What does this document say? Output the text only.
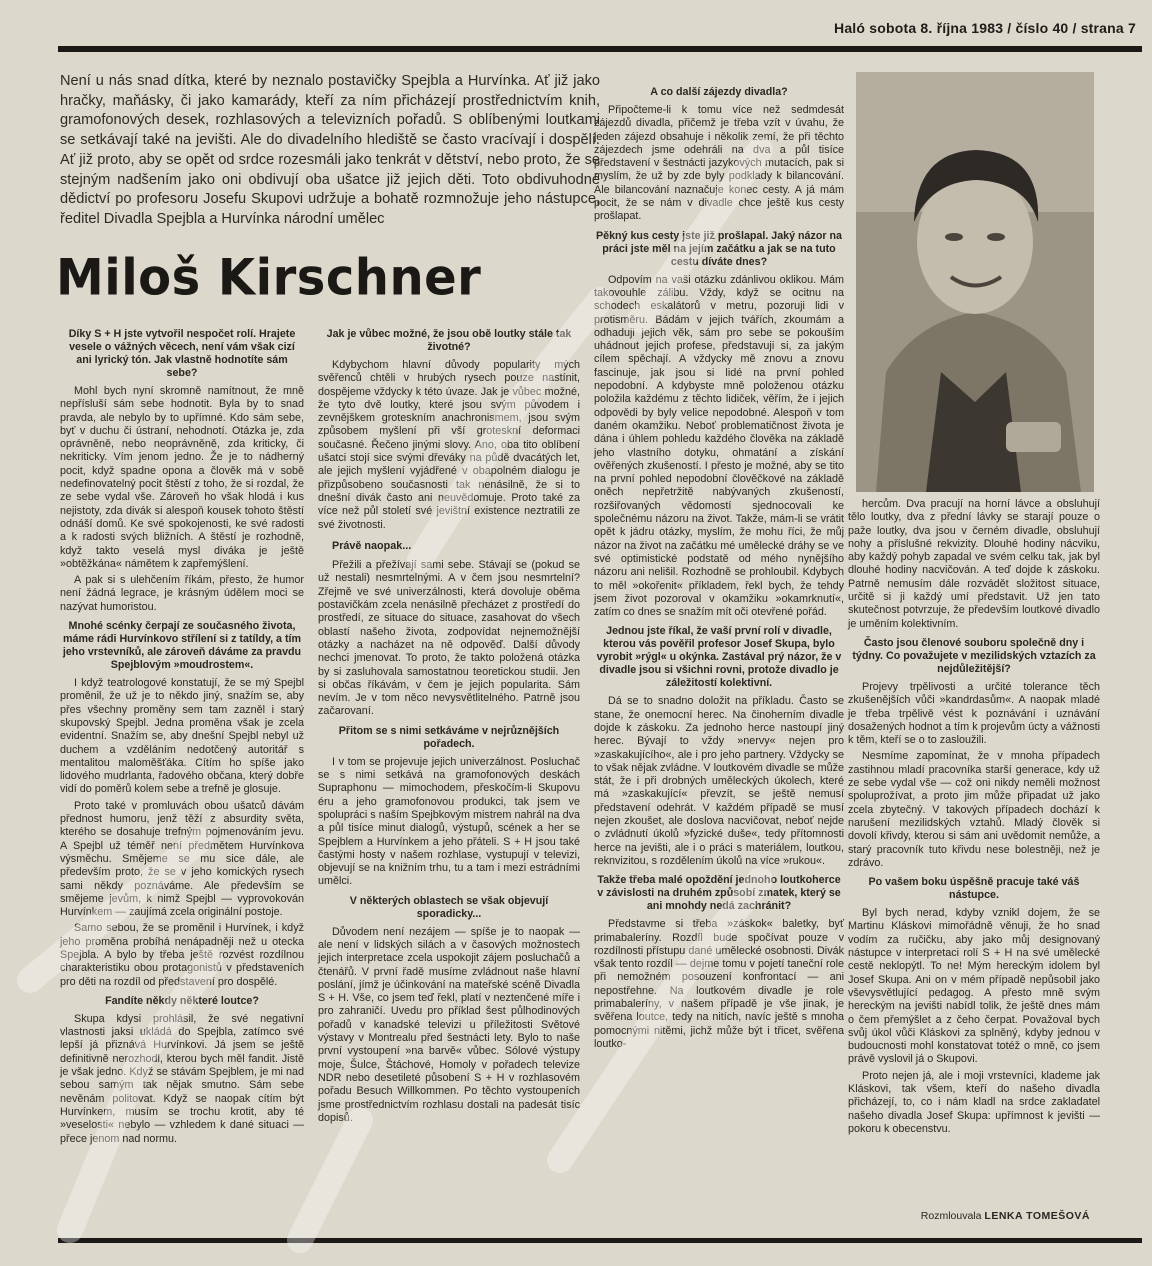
Haló sobota 8. října 1983 / číslo 40 / strana 7
Není u nás snad dítka, které by neznalo postavičky Spejbla a Hurvínka. Ať již jako hračky, maňásky, či jako kamarády, kteří za ním přicházejí prostřednictvím knih, gramofonových desek, rozhlasových a televizních pořadů. S oblíbenými loutkami se setkávají také na jevišti. Ale do divadelního hlediště se často vracívají i dospělí. Ať již proto, aby se opět od srdce rozesmáli jako tenkrát v dětství, nebo proto, že se stejným nadšením jako oni obdivují oba ušatce již jejich děti. Toto obdivuhodné dědictví po profesoru Josefu Skupovi udržuje a bohatě rozmnožuje jeho nástupce, ředitel Divadla Spejbla a Hurvínka národní umělec
Miloš Kirschner

Díky S + H jste vytvořil nespočet rolí. Hrajete vesele o vážných věcech, není vám však cizí ani lyrický tón. Jak vlastně hodnotíte sám sebe?

Mohl bych nyní skromně namítnout, že mně nepřísluší sám sebe hodnotit. Byla by to snad pravda, ale nebylo by to upřímné. Kdo sám sebe, byť v duchu či ústraní, nehodnotí. Otázka je, zda oprávněně, nebo neoprávněně, zda kriticky, či nekriticky. Vím jenom jedno. Že je to nádherný pocit, když spadne opona a člověk má v sobě nedefinovatelný pocit štěstí z toho, že si rozdal, že ze sebe vydal vše. Zároveň ho však hlodá i kus nejistoty, zda divák si alespoň kousek tohoto štěstí odnáší domů. Ke své spokojenosti, ke své radosti a k radosti svých bližních. A štěstí je rozhodně, když takto veselá mysl diváka je ještě »obtěžkána« námětem k zapřemýšlení.

A pak si s ulehčením říkám, přesto, že humor není žádná legrace, je krásným údělem moci se nazývat humoristou.

Mnohé scénky čerpají ze současného života, máme rádi Hurvínkovo střílení si z tatíldy, a tím jeho vrstevníků, ale zároveň dáváme za pravdu Spejblovým »moudrostem«.

I když teatrologové konstatují, že se mý Spejbl proměnil, že už je to někdo jiný, snažím se, aby přes všechny proměny sem tam zazněl i starý skupovský Spejbl. Jedna proměna však je zcela evidentní. Snažím se, aby dnešní Spejbl nebyl už duchem a vzděláním nedotčený autoritář s mentalitou maloměšťáka. Cítím ho spíše jako lidového mudrlanta, řadového občana, který dobře vidí do poměrů kolem sebe a trefně je glosuje.

Proto také v promluvách obou ušatců dávám přednost humoru, jenž těží z absurdity světa, kterého se dosahuje trefným pojmenováním jevu. A Spejbl už téměř není předmětem Hurvínkova výsměchu. Smějeme se mu sice dále, ale především proto, že se v jeho komických rysech sami někdy poznáváme. Ale především se smějeme jevům, k nimž Spejbl — vyprovokován Hurvínkem — zaujímá zcela originální postoje.

Samo sebou, že se proměnil i Hurvínek, i když jeho proměna probíhá nenápadněji než u otecka Spejbla. A bylo by třeba ještě rozvést rozdílnou charakteristiku obou protagonistů v představeních pro děti na rozdíl od představení pro dospělé.

Fandíte někdy některé loutce?

Skupa kdysi prohlásil, že své negativní vlastnosti jaksi ukládá do Spejbla, zatímco své lepší já přiznává Hurvínkovi. Já jsem se ještě definitivně nerozhodl, kterou bych měl fandit. Jistě je však jedno. Když se stávám Spejblem, je mi nad sebou samým tak nějak smutno. Sám sebe nevěnám politovat. Když se naopak cítím být Hurvínkem, musím se trochu krotit, aby té »veselosti« nebylo — vzhledem k dané situaci — přece jenom nad normu.

Jak je vůbec možné, že jsou obě loutky stále tak životné?

Kdybychom hlavní důvody popularity mých svěřenců chtěli v hrubých rysech pouze nastínit, dospějeme vždycky k této úvaze. Jak je vůbec možné, že tyto dvě loutky, které jsou svým původem i zevnějškem groteskním anachronismem, jsou svým způsobem myšlení při vší groteskní deformaci současné. Řečeno jinými slovy. Ano, oba tito oblíbení ušatci stojí sice svými dřeváky na půdě dvacátých let, ale jejich myšlení vyjádřené v obapolném dialogu je přizpůsobeno současnosti tak nenásilně, že si to dnešní divák často ani neuvědomuje. Proto také za více než půl století své jevištní existence neztratili ze své životnosti.

Právě naopak...

Přežili a přežívají sami sebe. Stávají se (pokud se už nestali) nesmrtelnými. A v čem jsou nesmrtelní? Zřejmě ve své univerzálnosti, která dovoluje oběma postavičkám zcela nenásilně přecházet z prostředí do prostředí, ze situace do situace, zasahovat do všech oblastí našeho života, zodpovídat nejnemožnější otázky a nacházet na ně odpověď. Další důvody nechci jmenovat. To proto, že takto položená otázka by si zasluhovala samostatnou teoretickou studii. Jen si občas říkávám, v čem je jejich popularita. Sám nevím. Je v tom něco nevysvětlitelného. Patrně jsou začarovaní.

Přitom se s nimi setkáváme v nejrůznějších pořadech.

I v tom se projevuje jejich univerzálnost. Posluchač se s nimi setkává na gramofonových deskách Supraphonu — mimochodem, přeskočím-li Skupovu éru a jeho gramofonovou produkci, tak jsem ve spolupráci s naším Spejbkovým mistrem nahrál na dva a půl tisíce minut dialogů, výstupů, scének a her se Spejblem a Hurvínkem a jeho přáteli. S + H jsou také častými hosty v našem rozhlase, vystupují v televizi, objevují se na knižním trhu, tu a tam i mezi estrádními umělci.

V některých oblastech se však objevují sporadicky...

Důvodem není nezájem — spíše je to naopak — ale není v lidských silách a v časových možnostech jejich interpretace zcela uspokojit zájem posluchačů a čtenářů. V první řadě musíme zvládnout naše hlavní poslání, jímž je účinkování na mateřské scéně Divadla S + H. Vše, co jsem teď řekl, platí v neztenčené míře i pro zahraničí. Uvedu pro příklad šest půlhodinových pořadů v kanadské televizi u příležitosti Světové výstavy v Montrealu před šestnácti lety. Bylo to naše první vystoupení »na barvě« vůbec. Sólové výstupy moje, Šulce, Štáchové, Homoly v pořadech televize NDR nebo desetileté působení S + H v rozhlasovém pořadu Besuch Willkommen. Po těchto vystoupeních jsme prostřednictvím rozhlasu dostali na padesát tisíc dopisů.

A co další zájezdy divadla?

Připočteme-li k tomu více než sedmdesát zájezdů divadla, přičemž je třeba vzít v úvahu, že jeden zájezd obsahuje i několik zemí, že při těchto zájezdech jsme odehráli na dva a půl tisíce představení v šestnácti jazykových mutacích, pak si myslím, že už by zde byly podklady k bilancování. Ale bilancování naznačuje konec cesty. A já mám pocit, že se nám v divadle chce ještě kus cesty prošlapat.

Pěkný kus cesty jste již prošlapal. Jaký názor na práci jste měl na jejím začátku a jak se na tuto cestu díváte dnes?

Odpovím na vaši otázku zdánlivou oklikou. Mám takovouhle zálibu. Vždy, když se ocitnu na schodech eskalátorů v metru, pozoruji lidi v protisměru. Bádám v jejich tvářích, zkoumám a odhaduji jejich věk, sám pro sebe se pokouším uhádnout jejich profese, představuji si, za jakým cílem spěchají. A vždycky mě znovu a znovu fascinuje, jak jsou si lidé na první pohled nepodobní. A kdybyste mně položenou otázku položila každému z těchto lidiček, věřím, že i jejich odpovědi by byly velice nepodobné. Alespoň v tom daném okamžiku. Neboť problematičnost života je dána i úhlem pohledu každého člověka na základě jeho vlastního dotyku, ohmatání a získání ověřených zkušeností. I přesto je možné, aby se tito na první pohled nepodobní člověčkové na základě oněch nepřetržitě nabývaných zkušeností, rozšiřovaných vědomostí sjednocovali ke společnému názoru na život. Takže, mám-li se vrátit opět k jádru otázky, myslím, že mohu říci, že můj názor na život na začátku mé umělecké dráhy se ve své optimistické podstatě od mého nynějšího názoru ani nelišil. Rozhodně se prohloubil. Kdybych to měl »okořenit« příkladem, řekl bych, že tehdy jsem život pozoroval v okamžiku »okamrknutí«, zatím co dnes se snažím mít oči otevřené pořád.

Jednou jste říkal, že vaší první rolí v divadle, kterou vás pověřil profesor Josef Skupa, bylo vyrobit »rýgl« u okýnka. Zastával prý názor, že v divadle jsou si všichni rovni, protože divadlo je záležitostí kolektivní.

Dá se to snadno doložit na příkladu. Často se stane, že onemocní herec. Na činoherním divadle dojde k záskoku. Za jednoho herce nastoupí jiný herec. Bývají to vždy »nervy« nejen pro »zaskakujícího«, ale i pro jeho partnery. Vždycky se to však nějak zvládne. V loutkovém divadle se může stát, že i při drobných uměleckých úkolech, které má »zaskakující« převzít, se ještě nemusí představení odehrát. V každém případě se musí nejen zkoušet, ale doslova nacvičovat, neboť nejde o zvládnutí úkolů »fyzické duše«, tedy přítomnosti herce na jevišti, ale i o práci s materiálem, loutkou, reknvizitou, s rozdělením úkolů na více »rukou«.

Takže třeba malé opoždění jednoho loutkoherce v závislosti na druhém způsobí zmatek, který se ani mnohdy nedá zachránit?

Představme si třeba »záskok« baletky, byť primabaleríny. Rozdíl bude spočívat pouze v rozdílnosti přístupu dané umělecké osobnosti. Divák však tento rozdíl — dejme tomu v pojetí taneční role při nemožném posouzení konfrontací — ani nepostřehne. Na loutkovém divadle je role primabaleríny, v našem případě je vše jinak, je svěřena loutce, tedy na nitích, navíc ještě s mnoha pomocnými nitěmi, jichž může být i třicet, svěřena loutko-

hercům. Dva pracují na horní lávce a obsluhují tělo loutky, dva z přední lávky se starají pouze o paže loutky, dva jsou v černém divadle, obsluhují nohy a příslušné rekvizity. Dlouhé hodiny nácviku, aby každý pohyb zapadal ve svém celku tak, jak byl dlouhé hodiny nacvičován. A teď dojde k záskoku. Patrně nemusím dále rozvádět složitost situace, určitě si ji každý umí představit. Už jen tato skutečnost potvrzuje, že především loutkové divadlo je uměním kolektivním.

Často jsou členové souboru společně dny i týdny. Co považujete v mezilidských vztazích za nejdůležitější?

Projevy trpělivosti a určité tolerance těch zkušenějších vůči »kandrdasům«. A naopak mladé je třeba trpělivě vést k poznávání i uznávání dosažených hodnot a tím k projevům úcty a vážnosti k těm, kteří se o to zasloužili.

Nesmíme zapomínat, že v mnoha případech zastihnou mladí pracovníka starší generace, kdy už ze sebe vydal vše — což oni nikdy neměli možnost spoluprožívat, a proto jim může připadat už jako zcela zbytečný. V takových případech dochází k narušení mezilidských vztahů. Mladý člověk si dovolí křivdy, kterou si sám ani uvědomit nemůže, a starý pracovník tuto křivdu nese bolestněji, než je zdrávo.

Po vašem boku úspěšně pracuje také váš nástupce.

Byl bych nerad, kdyby vznikl dojem, že se Martinu Kláskovi mimořádně věnuji, že ho snad vodím za ručičku, aby jako můj designovaný nástupce v interpretaci rolí S + H na své umělecké cestě neklopýtl. To ne! Mým hereckým idolem byl Josef Skupa. Ani on v mém případě nepůsobil jako vševysvětlující pedagog. A přesto mně svým hereckým na jevišti nabídl tolik, že ještě dnes mám o čem přemýšlet a z čeho čerpat. Považoval bych svůj úkol vůči Kláskovi za splněný, kdyby jednou v budoucnosti mohl konstatovat totéž o mně, co jsem právě vyslovil já o Skupovi.

Proto nejen já, ale i moji vrstevníci, klademe jak Kláskovi, tak všem, kteří do našeho divadla přicházejí, to, co i nám kladl na srdce zakladatel našeho divadla Josef Skupa: upřímnost k jevišti — pokoru k obecenstvu.

Rozmlouvala LENKA TOMEŠOVÁ
